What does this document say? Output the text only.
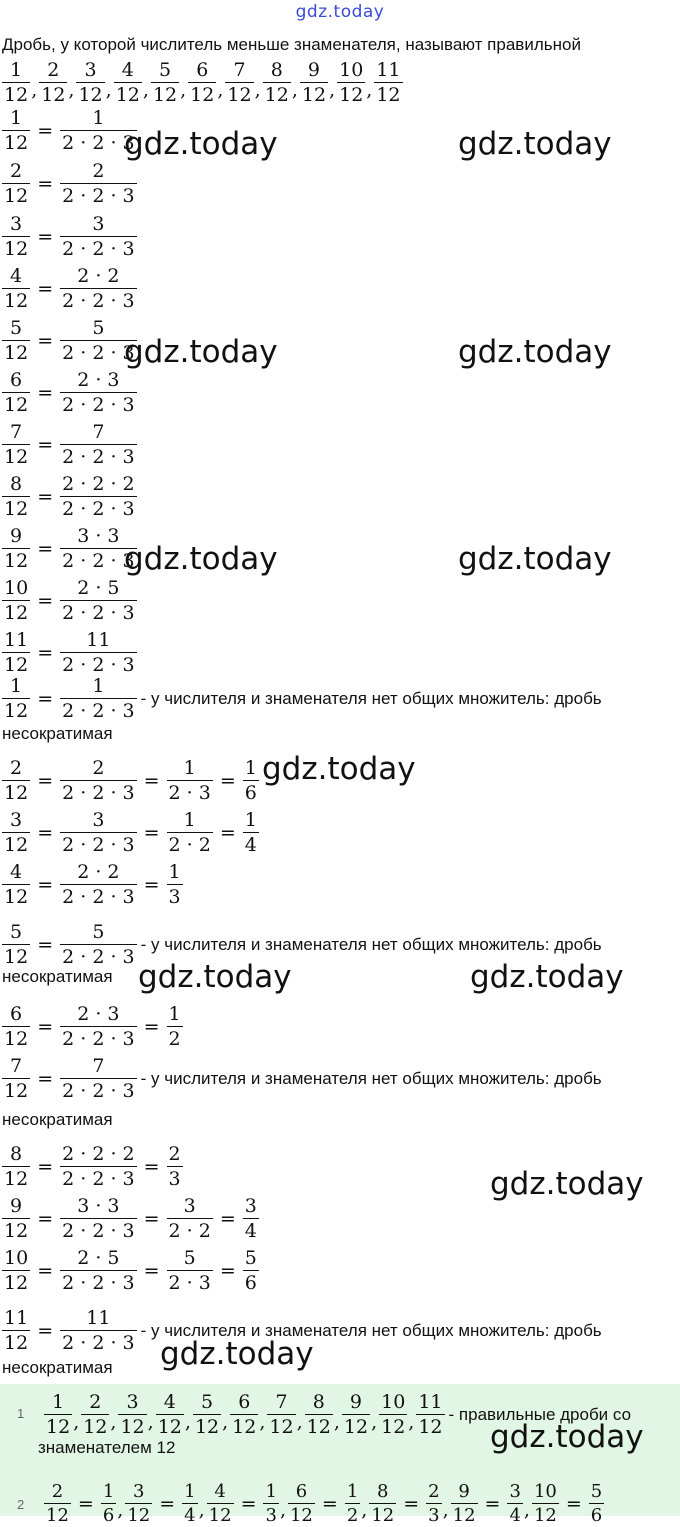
gdz.today
Дробь, у которой числитель меньше знаменателя, называют правильной
$\frac{1}{12}$ , $\frac{2}{12}$ , $\frac{3}{12}$ , $\frac{4}{12}$ , $\frac{5}{12}$ , $\frac{6}{12}$ , $\frac{7}{12}$ , $\frac{8}{12}$ , $\frac{9}{12}$ , $\frac{10}{12}$ , $\frac{11}{12}$
$\frac{1}{12} = \frac{1}{2 \cdot 2 \cdot 3}$
$\frac{2}{12} = \frac{2}{2 \cdot 2 \cdot 3}$
$\frac{3}{12} = \frac{3}{2 \cdot 2 \cdot 3}$
$\frac{4}{12} = \frac{2 \cdot 2}{2 \cdot 2 \cdot 3}$
$\frac{5}{12} = \frac{5}{2 \cdot 2 \cdot 3}$
$\frac{6}{12} = \frac{2 \cdot 3}{2 \cdot 2 \cdot 3}$
$\frac{7}{12} = \frac{7}{2 \cdot 2 \cdot 3}$
$\frac{8}{12} = \frac{2 \cdot 2 \cdot 2}{2 \cdot 2 \cdot 3}$
$\frac{9}{12} = \frac{3 \cdot 3}{2 \cdot 2 \cdot 3}$
$\frac{10}{12} = \frac{2 \cdot 5}{2 \cdot 2 \cdot 3}$
$\frac{11}{12} = \frac{11}{2 \cdot 2 \cdot 3}$
$\frac{1}{12} = \frac{1}{2 \cdot 2 \cdot 3} - у$ числителя и знаменателя нет общих множитель: дробь
несократимая
$\frac{2}{12} = \frac{2}{2 \cdot 2 \cdot 3} = \frac{1}{2 \cdot 3} = \frac{1}{6}$
$\frac{3}{12} = \frac{3}{2 \cdot 2 \cdot 3} = \frac{1}{2 \cdot 2} = \frac{1}{4}$
$\frac{4}{12} = \frac{2 \cdot 2}{2 \cdot 2 \cdot 3} = \frac{1}{3}$
$\frac{5}{12} = \frac{5}{2 \cdot 2 \cdot 3} - у$ числителя и знаменателя нет общих множитель: дробь
несократимая
$\frac{6}{12} = \frac{2 \cdot 3}{2 \cdot 2 \cdot 3} = \frac{1}{2}$
$\frac{7}{12} = \frac{7}{2 \cdot 2 \cdot 3} - у$ числителя и знаменателя нет общих множитель: дробь
несократимая
$\frac{8}{12} = \frac{2 \cdot 2 \cdot 2}{2 \cdot 2 \cdot 3} = \frac{2}{3}$
$\frac{9}{12} = \frac{3 \cdot 3}{2 \cdot 2 \cdot 3} = \frac{3}{2 \cdot 2} = \frac{3}{4}$
$\frac{10}{12} = \frac{2 \cdot 5}{2 \cdot 2 \cdot 3} = \frac{5}{2 \cdot 3} = \frac{5}{6}$
$\frac{11}{12} = \frac{11}{2 \cdot 2 \cdot 3} - у$ числителя и знаменателя нет общих множитель: дробь
несократимая
$1 \frac{1}{12}$ , $\frac{2}{12}$ , $\frac{3}{12}$ , $\frac{4}{12}$ , $\frac{5}{12}$ , $\frac{6}{12}$ , $\frac{7}{12}$ , $\frac{8}{12}$ , $\frac{9}{12}$ , $\frac{10}{12}$ , $\frac{11}{12}$ - правильные дроби со
знаменателем 12
$2 \frac{2}{12} = \frac{1}{6}$ , $\frac{3}{12} = \frac{1}{4}$ , $\frac{4}{12} = \frac{1}{3}$ , $\frac{6}{12} = \frac{1}{2}$ , $\frac{8}{12} = \frac{2}{3}$ , $\frac{9}{12} = \frac{3}{4}$ , $\frac{10}{12} = \frac{5}{6}$
gdz.today	gdz.today
gdz.today	gdz.today
gdz.today	gdz.today
gdz.today
gdz.today	gdz.today
gdz.today
gdz.today
gdz.today
